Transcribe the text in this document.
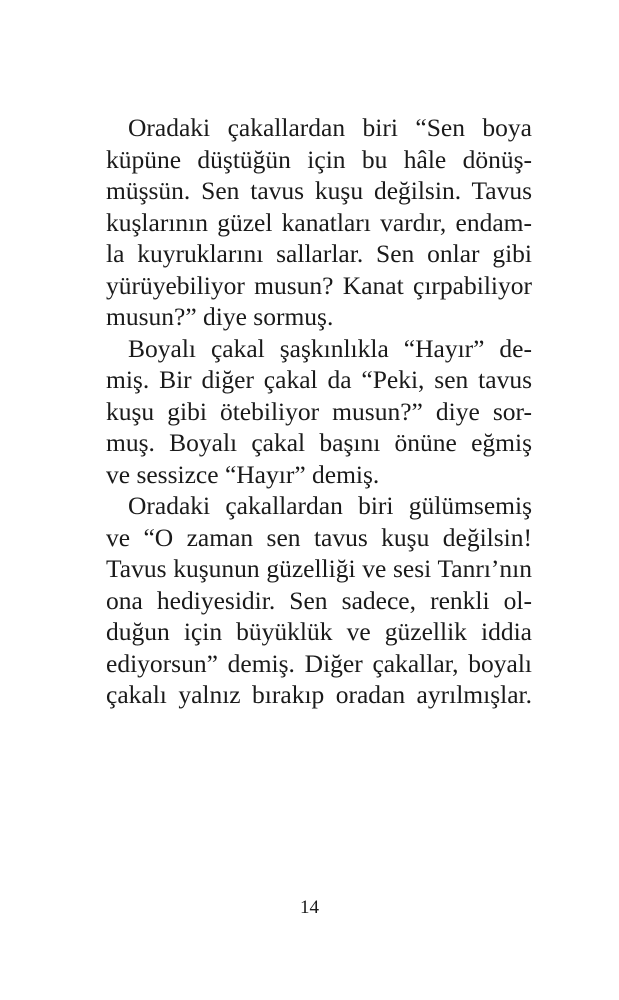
Oradaki çakallardan biri “Sen boya
küpüne düştüğün için bu hâle dönüş-
müşsün. Sen tavus kuşu değilsin. Tavus
kuşlarının güzel kanatları vardır, endam-
la kuyruklarını sallarlar. Sen onlar gibi
yürüyebiliyor musun? Kanat çırpabiliyor
musun?” diye sormuş.
Boyalı çakal şaşkınlıkla “Hayır” de-
miş. Bir diğer çakal da “Peki, sen tavus
kuşu gibi ötebiliyor musun?” diye sor-
muş. Boyalı çakal başını önüne eğmiş
ve sessizce “Hayır” demiş.
Oradaki çakallardan biri gülümsemiş
ve “O zaman sen tavus kuşu değilsin!
Tavus kuşunun güzelliği ve sesi Tanrı’nın
ona hediyesidir. Sen sadece, renkli ol-
duğun için büyüklük ve güzellik iddia
ediyorsun” demiş. Diğer çakallar, boyalı
çakalı yalnız bırakıp oradan ayrılmışlar.
14
